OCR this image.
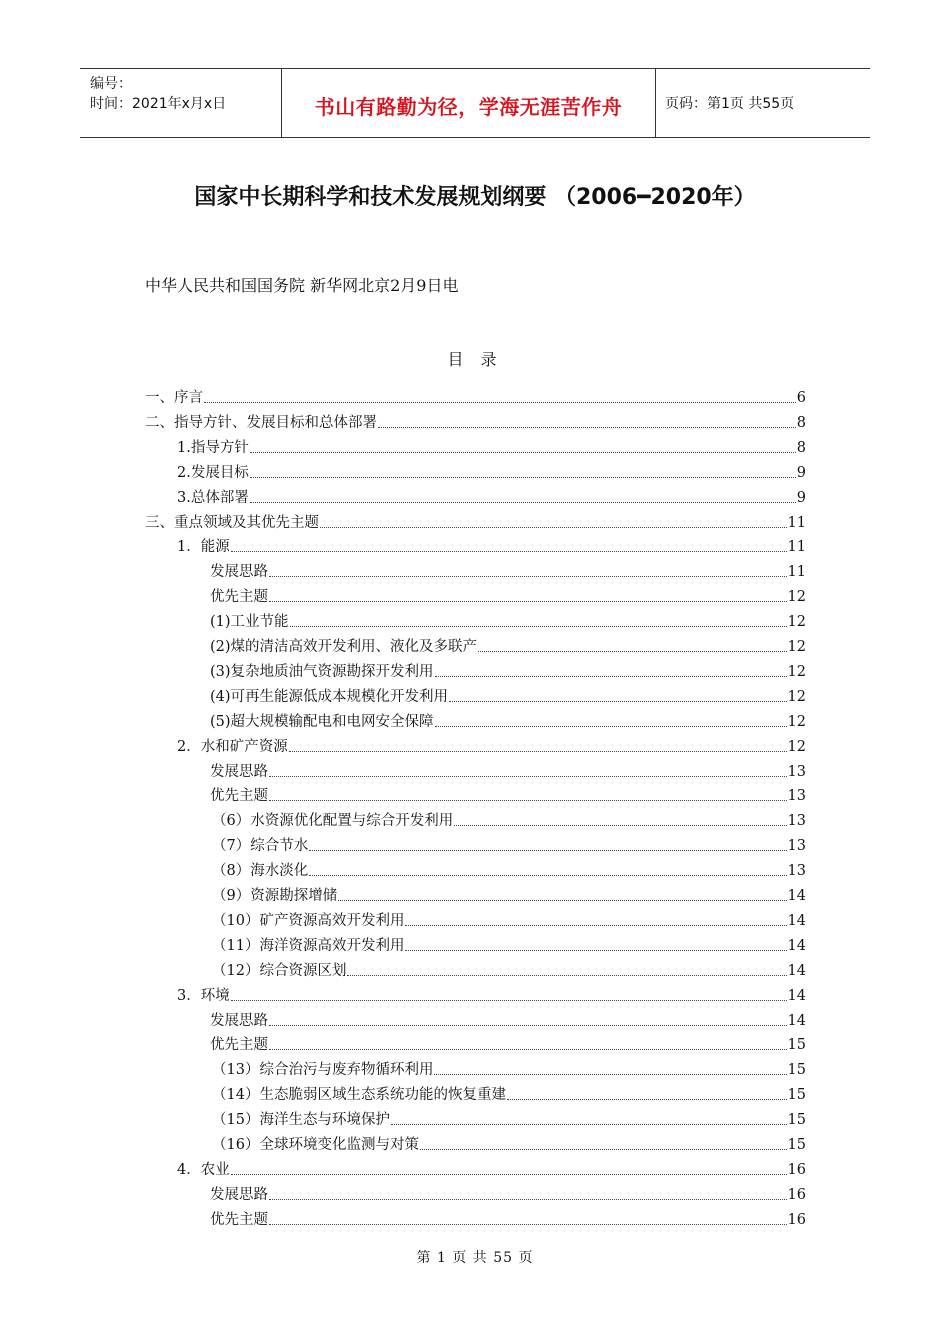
编号：
时间：2021年x月x日	书山有路勤为径，学海无涯苦作舟	页码：第1页 共55页
国家中长期科学和技术发展规划纲要 （2006━2020年）
中华人民共和国国务院 新华网北京2月9日电
目 录
一、序言	6
二、指导方针、发展目标和总体部署	8
1.指导方针	8
2.发展目标	9
3.总体部署	9
三、重点领域及其优先主题	11
1．能源	11
发展思路	11
优先主题	12
(1)工业节能	12
(2)煤的清洁高效开发利用、液化及多联产	12
(3)复杂地质油气资源勘探开发利用	12
(4)可再生能源低成本规模化开发利用	12
(5)超大规模输配电和电网安全保障	12
2．水和矿产资源	12
发展思路	13
优先主题	13
（6）水资源优化配置与综合开发利用	13
（7）综合节水	13
（8）海水淡化	13
（9）资源勘探增储	14
（10）矿产资源高效开发利用	14
（11）海洋资源高效开发利用	14
（12）综合资源区划	14
3．环境	14
发展思路	14
优先主题	15
（13）综合治污与废弃物循环利用	15
（14）生态脆弱区域生态系统功能的恢复重建	15
（15）海洋生态与环境保护	15
（16）全球环境变化监测与对策	15
4．农业	16
发展思路	16
优先主题	16
第 1 页 共 55 页
